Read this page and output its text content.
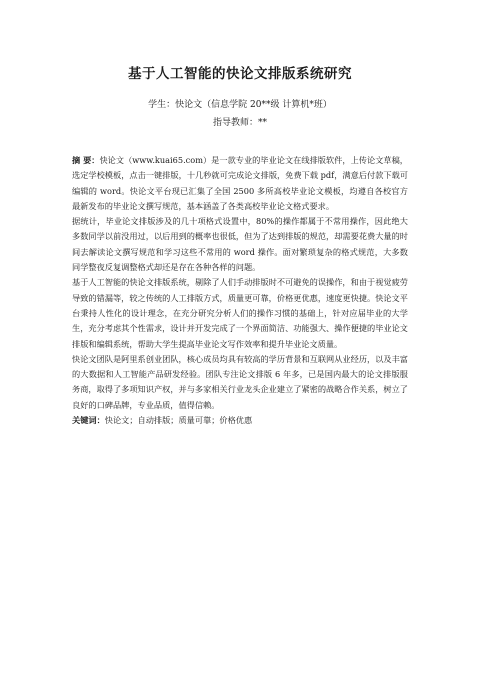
基于人工智能的快论文排版系统研究
学生：快论文（信息学院 20**级 计算机*班）
指导教师：**

摘 要：快论文（www.kuai65.com）是一款专业的毕业论文在线排版软件，上传论文草稿，选定学校模板，点击一键排版，十几秒就可完成论文排版，免费下载 pdf，满意后付款下载可编辑的 word。快论文平台现已汇集了全国 2500 多所高校毕业论文模板，均遵自各校官方最新发布的毕业论文撰写规范，基本涵盖了各类高校毕业论文格式要求。

据统计，毕业论文排版涉及的几十项格式设置中，80%的操作都属于不常用操作，因此绝大多数同学以前没用过，以后用到的概率也很低，但为了达到排版的规范，却需要花费大量的时间去解读论文撰写规范和学习这些不常用的 word 操作。面对繁琐复杂的格式规范，大多数同学整夜反复调整格式却还是存在各种各样的问题。

基于人工智能的快论文排版系统，剔除了人们手动排版时不可避免的误操作，和由于视觉疲劳导致的错漏等，较之传统的人工排版方式，质量更可靠，价格更优惠，速度更快捷。快论文平台秉持人性化的设计理念，在充分研究分析人们的操作习惯的基础上，针对应届毕业的大学生，充分考虑其个性需求，设计并开发完成了一个界面简洁、功能强大、操作便捷的毕业论文排版和编辑系统，帮助大学生提高毕业论文写作效率和提升毕业论文质量。

快论文团队是阿里系创业团队，核心成员均具有较高的学历背景和互联网从业经历，以及丰富的大数据和人工智能产品研发经验。团队专注论文排版 6 年多，已是国内最大的论文排版服务商，取得了多项知识产权，并与多家相关行业龙头企业建立了紧密的战略合作关系，树立了良好的口碑品牌，专业品质，值得信赖。

关键词：快论文；自动排版；质量可靠；价格优惠
